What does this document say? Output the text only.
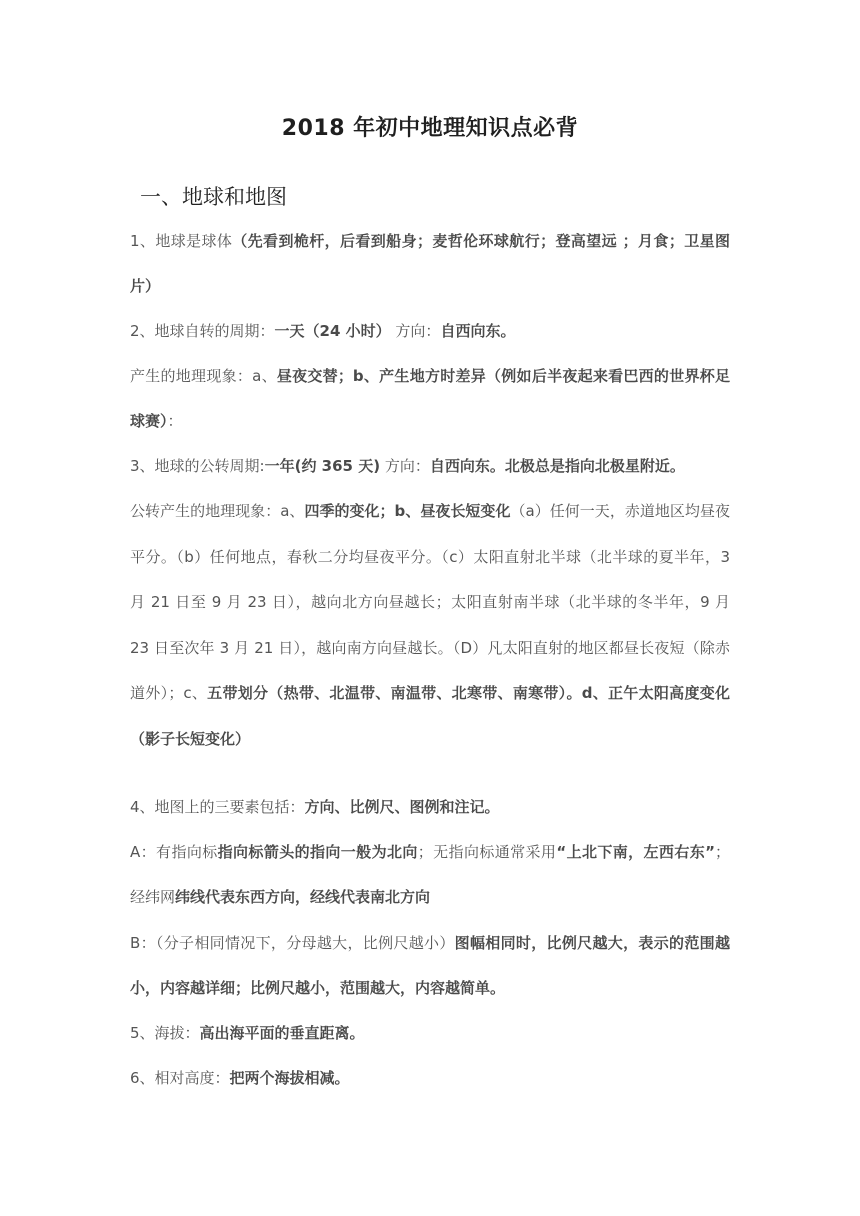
2018 年初中地理知识点必背
一、地球和地图
1、地球是球体（先看到桅杆，后看到船身；麦哲伦环球航行；登高望远 ；月食；卫星图片）
2、地球自转的周期：一天（24 小时） 方向：自西向东。
产生的地理现象：a、昼夜交替；b、产生地方时差异（例如后半夜起来看巴西的世界杯足球赛）：
3、地球的公转周期:一年(约 365 天) 方向：自西向东。北极总是指向北极星附近。
公转产生的地理现象：a、四季的变化；b、昼夜长短变化（a）任何一天，赤道地区均昼夜平分。（b）任何地点，春秋二分均昼夜平分。（c）太阳直射北半球（北半球的夏半年，3 月 21 日至 9 月 23 日），越向北方向昼越长；太阳直射南半球（北半球的冬半年，9 月 23 日至次年 3 月 21 日），越向南方向昼越长。（D）凡太阳直射的地区都昼长夜短（除赤道外）；c、五带划分（热带、北温带、南温带、北寒带、南寒带）。d、正午太阳高度变化（影子长短变化）
4、地图上的三要素包括：方向、比例尺、图例和注记。
A：有指向标指向标箭头的指向一般为北向；无指向标通常采用“上北下南，左西右东”；经纬网纬线代表东西方向，经线代表南北方向
B：（分子相同情况下，分母越大，比例尺越小）图幅相同时，比例尺越大，表示的范围越小，内容越详细；比例尺越小，范围越大，内容越简单。
5、海拔：高出海平面的垂直距离。
6、相对高度：把两个海拔相减。
